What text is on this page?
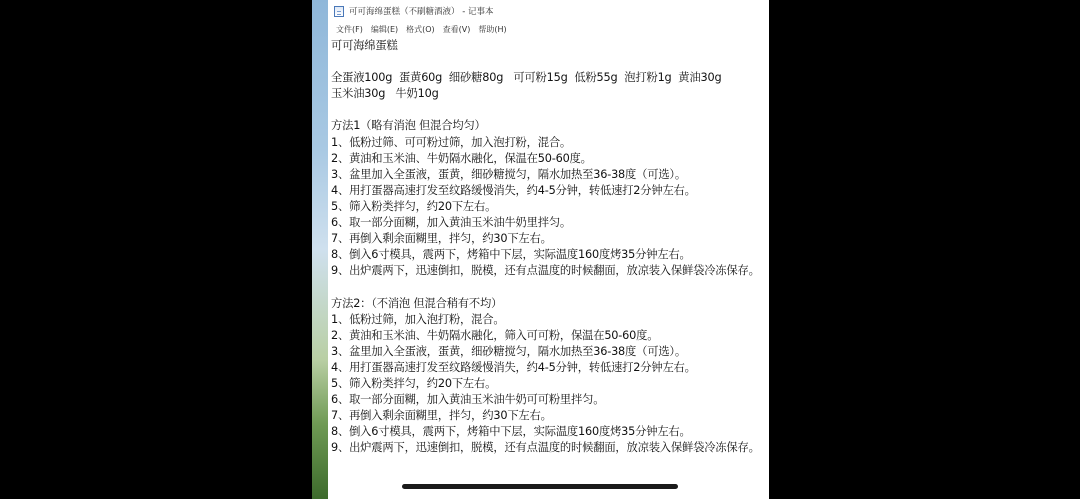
可可海绵蛋糕（不刷糖酒液） - 记事本
文件(F)	编辑(E)	格式(O)	查看(V)	帮助(H)
可可海绵蛋糕
全蛋液100g  蛋黄60g  细砂糖80g   可可粉15g  低粉55g  泡打粉1g  黄油30g
玉米油30g   牛奶10g
方法1（略有消泡 但混合均匀）
1、低粉过筛、可可粉过筛，加入泡打粉，混合。
2、黄油和玉米油、牛奶隔水融化，保温在50-60度。
3、盆里加入全蛋液，蛋黄，细砂糖搅匀，隔水加热至36-38度（可选）。
4、用打蛋器高速打发至纹路缓慢消失，约4-5分钟，转低速打2分钟左右。
5、筛入粉类拌匀，约20下左右。
6、取一部分面糊，加入黄油玉米油牛奶里拌匀。
7、再倒入剩余面糊里，拌匀，约30下左右。
8、倒入6寸模具，震两下，烤箱中下层，实际温度160度烤35分钟左右。
9、出炉震两下，迅速倒扣，脱模，还有点温度的时候翻面，放凉装入保鲜袋冷冻保存。
方法2：（不消泡 但混合稍有不均）
1、低粉过筛，加入泡打粉，混合。
2、黄油和玉米油、牛奶隔水融化，筛入可可粉，保温在50-60度。
3、盆里加入全蛋液，蛋黄，细砂糖搅匀，隔水加热至36-38度（可选）。
4、用打蛋器高速打发至纹路缓慢消失，约4-5分钟，转低速打2分钟左右。
5、筛入粉类拌匀，约20下左右。
6、取一部分面糊，加入黄油玉米油牛奶可可粉里拌匀。
7、再倒入剩余面糊里，拌匀，约30下左右。
8、倒入6寸模具，震两下，烤箱中下层，实际温度160度烤35分钟左右。
9、出炉震两下，迅速倒扣，脱模，还有点温度的时候翻面，放凉装入保鲜袋冷冻保存。
